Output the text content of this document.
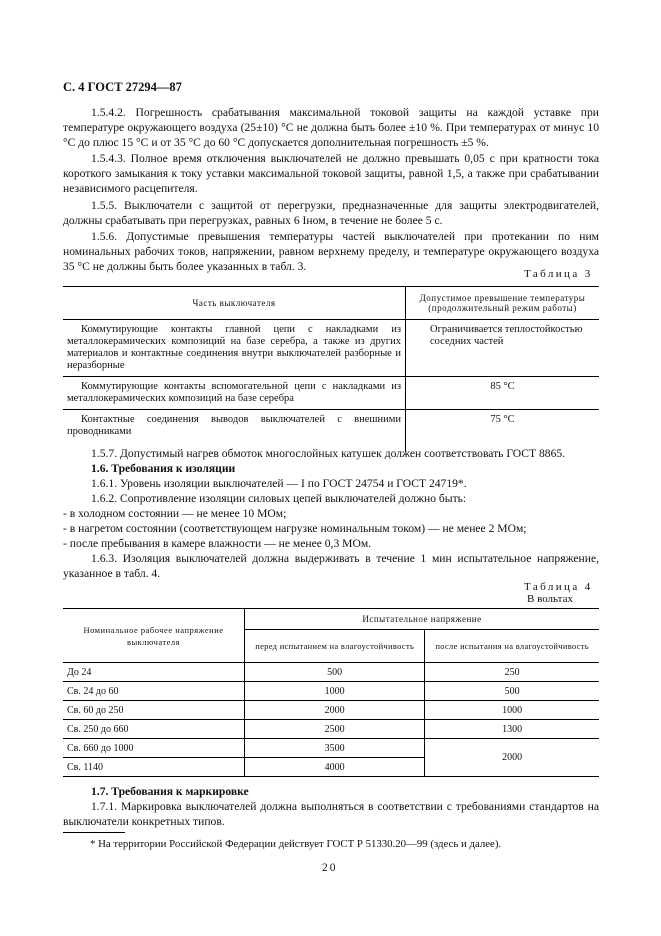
С. 4 ГОСТ 27294—87
1.5.4.2. Погрешность срабатывания максимальной токовой защиты на каждой уставке при температуре окружающего воздуха (25±10) °С не должна быть более ±10 %. При температурах от минус 10 °С до плюс 15 °С и от 35 °С до 60 °С допускается дополнительная погрешность ±5 %.
1.5.4.3. Полное время отключения выключателей не должно превышать 0,05 с при кратности тока короткого замыкания к току уставки максимальной токовой защиты, равной 1,5, а также при срабатывании независимого расцепителя.
1.5.5. Выключатели с защитой от перегрузки, предназначенные для защиты электродвигателей, должны срабатывать при перегрузках, равных 6 Iном, в течение не более 5 с.
1.5.6. Допустимые превышения температуры частей выключателей при протекании по ним номинальных рабочих токов, напряжении, равном верхнему пределу, и температуре окружающего воздуха 35 °С не должны быть более указанных в табл. 3.
Таблица 3
Часть выключателя	Допустимое превышение температуры (продолжительный режим работы)
Коммутирующие контакты главной цепи с накладками из металлокерамических композиций на базе серебра, а также из других материалов и контактные соединения внутри выключателей разборные и неразборные	Ограничивается теплостойкостью соседних частей
Коммутирующие контакты вспомогательной цепи с накладками из металлокерамических композиций на базе серебра	85 °С
Контактные соединения выводов выключателей с внешними проводниками	75 °С
1.5.7. Допустимый нагрев обмоток многослойных катушек должен соответствовать ГОСТ 8865.
1.6. Требования к изоляции
1.6.1. Уровень изоляции выключателей — I по ГОСТ 24754 и ГОСТ 24719*.
1.6.2. Сопротивление изоляции силовых цепей выключателей должно быть:
- в холодном состоянии — не менее 10 МОм;
- в нагретом состоянии (соответствующем нагрузке номинальным током) — не менее 2 МОм;
- после пребывания в камере влажности — не менее 0,3 МОм.
1.6.3. Изоляция выключателей должна выдерживать в течение 1 мин испытательное напряжение, указанное в табл. 4.
Таблица 4
В вольтах
Номинальное рабочее напряжение выключателя	Испытательное напряжение	
	перед испытанием на влагоустойчивость	после испытания на влагоустойчивость
До 24	500	250
Св. 24 до 60	1000	500
Св. 60 до 250	2000	1000
Св. 250 до 660	2500	1300
Св. 660 до 1000	3500	2000
Св. 1140	4000	
1.7. Требования к маркировке
1.7.1. Маркировка выключателей должна выполняться в соответствии с требованиями стандартов на выключатели конкретных типов.
* На территории Российской Федерации действует ГОСТ Р 51330.20—99 (здесь и далее).
20
